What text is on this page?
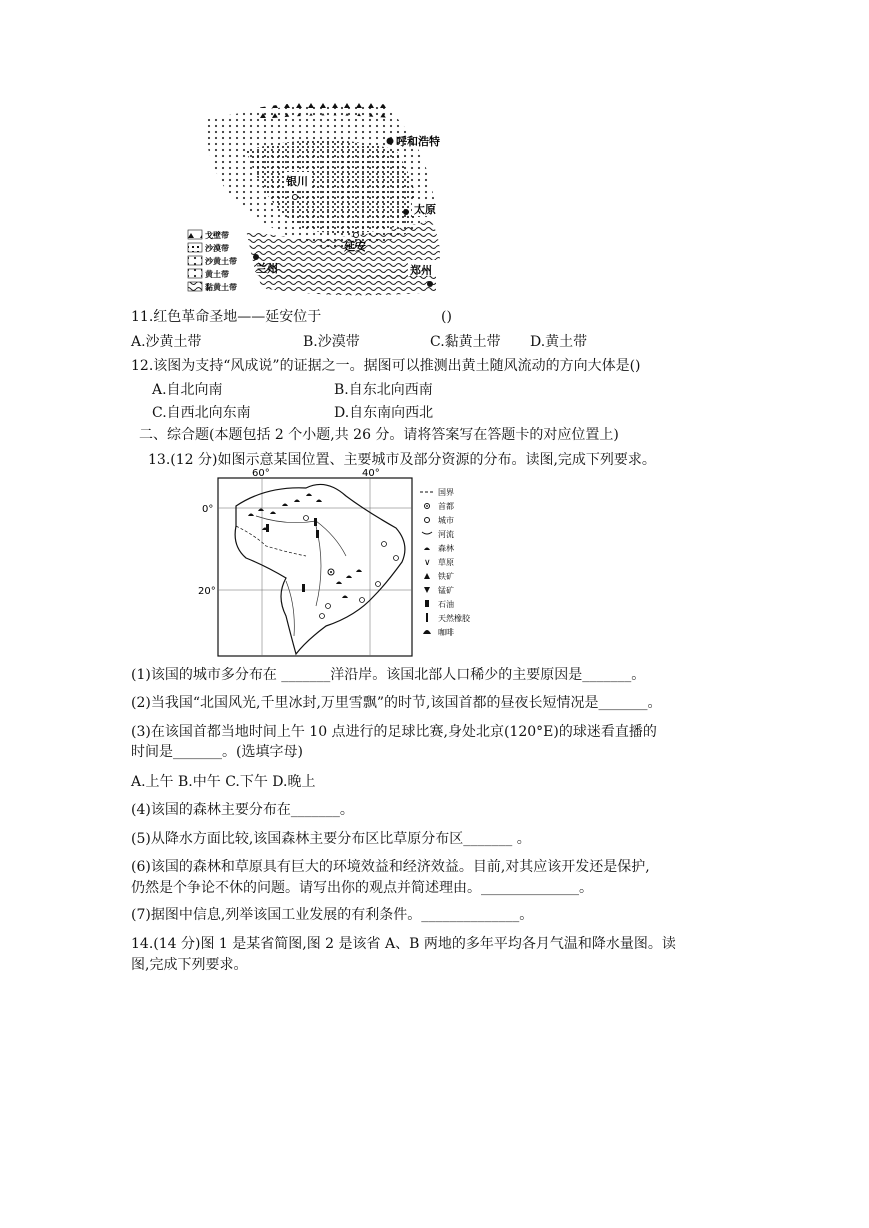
呼和浩特
银川
太原
延安
兰州	郑州
戈壁带
沙漠带
沙黄土带
黄土带
黏黄土带
11.红色革命圣地——延安位于	()
A.沙黄土带	B.沙漠带	C.黏黄土带 D.黄土带
12.该图为支持“风成说”的证据之一。据图可以推测出黄土随风流动的方向大体是()
A.自北向南	B.自东北向西南
C.自西北向东南	D.自东南向西北
二、综合题(本题包括 2 个小题,共 26 分。请将答案写在答题卡的对应位置上)
13.(12 分)如图示意某国位置、主要城市及部分资源的分布。读图,完成下列要求。
60°	40°
0°
20°
国界
首都
城市
河流
森林
∨ 草原
铁矿
锰矿
石油
天然橡胶
咖啡
(1)该国的城市多分布在 _______洋沿岸。该国北部人口稀少的主要原因是_______。
(2)当我国“北国风光,千里冰封,万里雪飘”的时节,该国首都的昼夜长短情况是_______。
(3)在该国首都当地时间上午 10 点进行的足球比赛,身处北京(120°E)的球迷看直播的
时间是_______。(选填字母)
A.上午 B.中午 C.下午 D.晚上
(4)该国的森林主要分布在_______。
(5)从降水方面比较,该国森林主要分布区比草原分布区_______ 。
(6)该国的森林和草原具有巨大的环境效益和经济效益。目前,对其应该开发还是保护,
仍然是个争论不休的问题。请写出你的观点并简述理由。______________。
(7)据图中信息,列举该国工业发展的有利条件。______________。
14.(14 分)图 1 是某省简图,图 2 是该省 A、B 两地的多年平均各月气温和降水量图。读
图,完成下列要求。
